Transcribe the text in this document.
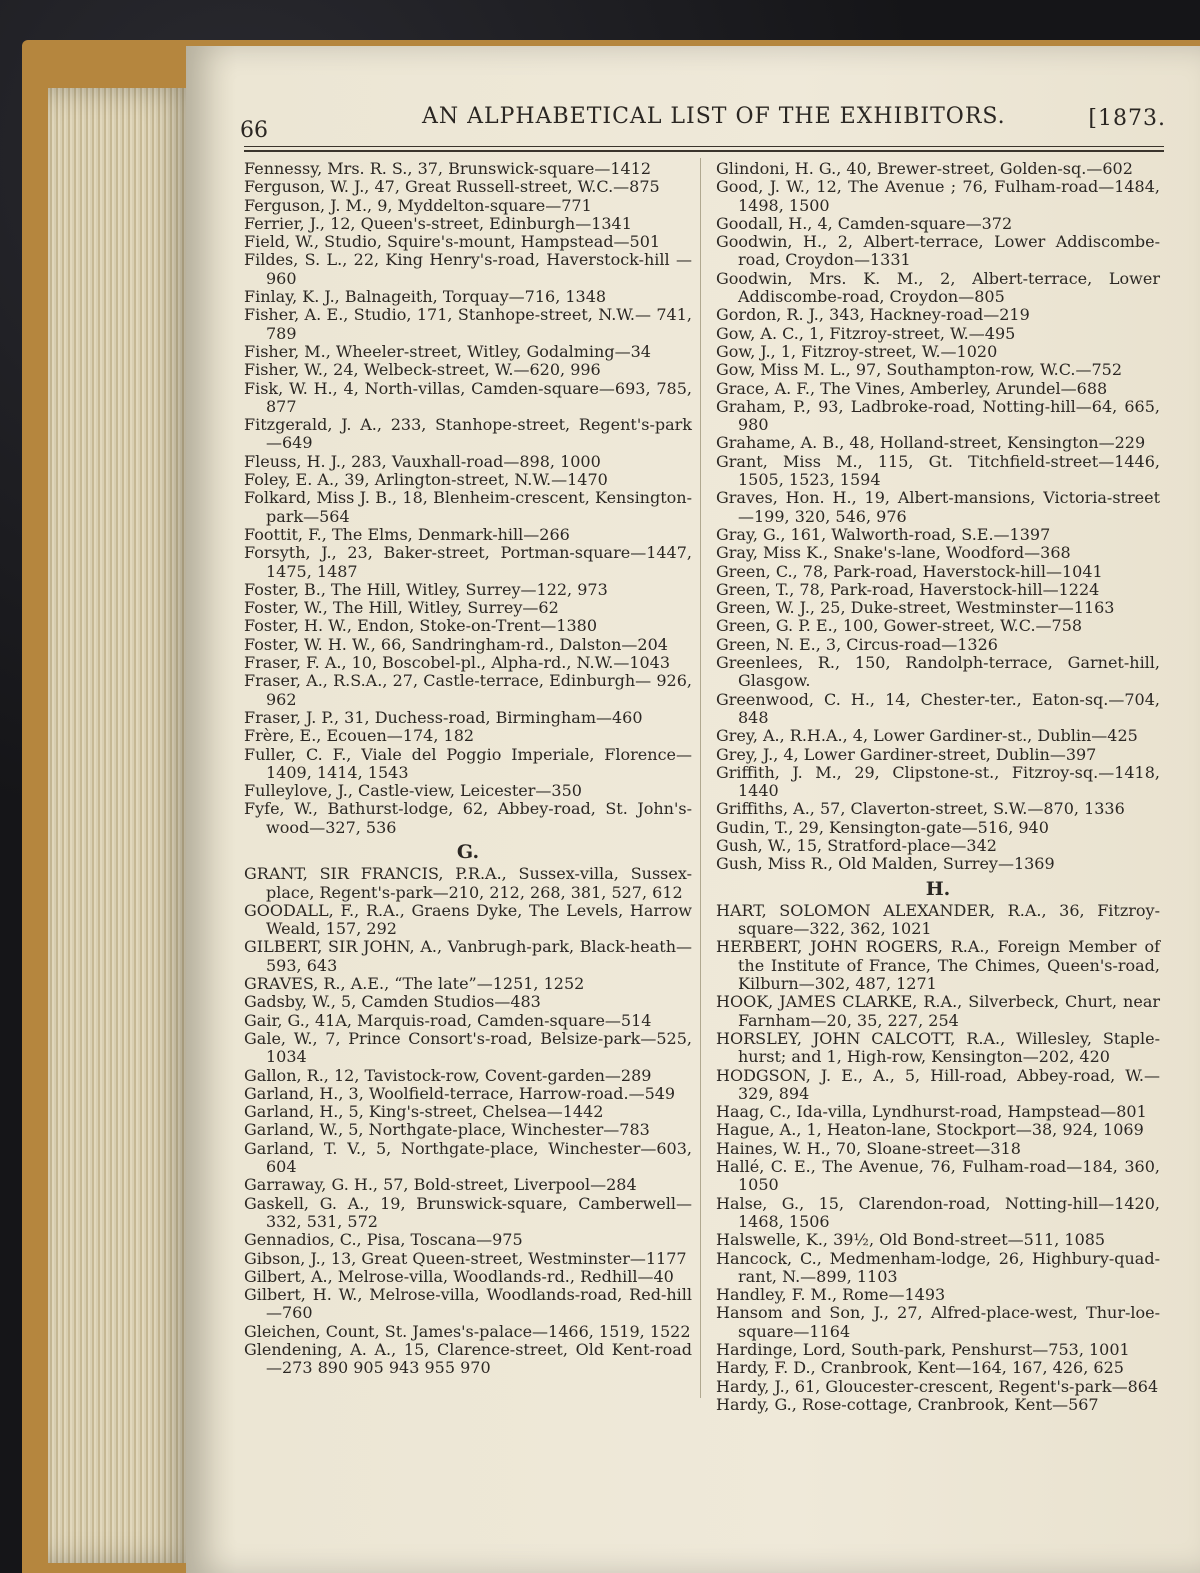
66
AN ALPHABETICAL LIST OF THE EXHIBITORS.	[1873.

Fennessy, Mrs. R. S., 37, Brunswick-square—1412

Ferguson, W. J., 47, Great Russell-street, W.C.—875

Ferguson, J. M., 9, Myddelton-square—771

Ferrier, J., 12, Queen's-street, Edinburgh—1341

Field, W., Studio, Squire's-mount, Hampstead—501

Fildes, S. L., 22, King Henry's-road, Haverstock-hill —960

Finlay, K. J., Balnageith, Torquay—716, 1348

Fisher, A. E., Studio, 171, Stanhope-street, N.W.— 741, 789

Fisher, M., Wheeler-street, Witley, Godalming—34

Fisher, W., 24, Welbeck-street, W.—620, 996

Fisk, W. H., 4, North-villas, Camden-square—693, 785, 877

Fitzgerald, J. A., 233, Stanhope-street, Regent's-park —649

Fleuss, H. J., 283, Vauxhall-road—898, 1000

Foley, E. A., 39, Arlington-street, N.W.—1470

Folkard, Miss J. B., 18, Blenheim-crescent, Kensington-park—564

Foottit, F., The Elms, Denmark-hill—266

Forsyth, J., 23, Baker-street, Portman-square—1447, 1475, 1487

Foster, B., The Hill, Witley, Surrey—122, 973

Foster, W., The Hill, Witley, Surrey—62

Foster, H. W., Endon, Stoke-on-Trent—1380

Foster, W. H. W., 66, Sandringham-rd., Dalston—204

Fraser, F. A., 10, Boscobel-pl., Alpha-rd., N.W.—1043

Fraser, A., R.S.A., 27, Castle-terrace, Edinburgh— 926, 962

Fraser, J. P., 31, Duchess-road, Birmingham—460

Frère, E., Ecouen—174, 182

Fuller, C. F., Viale del Poggio Imperiale, Florence— 1409, 1414, 1543

Fulleylove, J., Castle-view, Leicester—350

Fyfe, W., Bathurst-lodge, 62, Abbey-road, St. John's-wood—327, 536

G.

GRANT, SIR FRANCIS, P.R.A., Sussex-villa, Sussex-place, Regent's-park—210, 212, 268, 381, 527, 612

GOODALL, F., R.A., Graens Dyke, The Levels, Harrow Weald, 157, 292

GILBERT, SIR JOHN, A., Vanbrugh-park, Black-heath—593, 643

GRAVES, R., A.E., “The late”—1251, 1252

Gadsby, W., 5, Camden Studios—483

Gair, G., 41A, Marquis-road, Camden-square—514

Gale, W., 7, Prince Consort's-road, Belsize-park—525, 1034

Gallon, R., 12, Tavistock-row, Covent-garden—289

Garland, H., 3, Woolfield-terrace, Harrow-road.—549

Garland, H., 5, King's-street, Chelsea—1442

Garland, W., 5, Northgate-place, Winchester—783

Garland, T. V., 5, Northgate-place, Winchester—603, 604

Garraway, G. H., 57, Bold-street, Liverpool—284

Gaskell, G. A., 19, Brunswick-square, Camberwell— 332, 531, 572

Gennadios, C., Pisa, Toscana—975

Gibson, J., 13, Great Queen-street, Westminster—1177

Gilbert, A., Melrose-villa, Woodlands-rd., Redhill—40

Gilbert, H. W., Melrose-villa, Woodlands-road, Red-hill—760

Gleichen, Count, St. James's-palace—1466, 1519, 1522

Glendening, A. A., 15, Clarence-street, Old Kent-road—273 890 905 943 955 970

Glindoni, H. G., 40, Brewer-street, Golden-sq.—602

Good, J. W., 12, The Avenue ; 76, Fulham-road—1484, 1498, 1500

Goodall, H., 4, Camden-square—372

Goodwin, H., 2, Albert-terrace, Lower Addiscombe-road, Croydon—1331

Goodwin, Mrs. K. M., 2, Albert-terrace, Lower Addiscombe-road, Croydon—805

Gordon, R. J., 343, Hackney-road—219

Gow, A. C., 1, Fitzroy-street, W.—495

Gow, J., 1, Fitzroy-street, W.—1020

Gow, Miss M. L., 97, Southampton-row, W.C.—752

Grace, A. F., The Vines, Amberley, Arundel—688

Graham, P., 93, Ladbroke-road, Notting-hill—64, 665, 980

Grahame, A. B., 48, Holland-street, Kensington—229

Grant, Miss M., 115, Gt. Titchfield-street—1446, 1505, 1523, 1594

Graves, Hon. H., 19, Albert-mansions, Victoria-street—199, 320, 546, 976

Gray, G., 161, Walworth-road, S.E.—1397

Gray, Miss K., Snake's-lane, Woodford—368

Green, C., 78, Park-road, Haverstock-hill—1041

Green, T., 78, Park-road, Haverstock-hill—1224

Green, W. J., 25, Duke-street, Westminster—1163

Green, G. P. E., 100, Gower-street, W.C.—758

Green, N. E., 3, Circus-road—1326

Greenlees, R., 150, Randolph-terrace, Garnet-hill, Glasgow.

Greenwood, C. H., 14, Chester-ter., Eaton-sq.—704, 848

Grey, A., R.H.A., 4, Lower Gardiner-st., Dublin—425

Grey, J., 4, Lower Gardiner-street, Dublin—397

Griffith, J. M., 29, Clipstone-st., Fitzroy-sq.—1418, 1440

Griffiths, A., 57, Claverton-street, S.W.—870, 1336

Gudin, T., 29, Kensington-gate—516, 940

Gush, W., 15, Stratford-place—342

Gush, Miss R., Old Malden, Surrey—1369

H.

HART, SOLOMON ALEXANDER, R.A., 36, Fitzroy-square—322, 362, 1021

HERBERT, JOHN ROGERS, R.A., Foreign Member of the Institute of France, The Chimes, Queen's-road, Kilburn—302, 487, 1271

HOOK, JAMES CLARKE, R.A., Silverbeck, Churt, near Farnham—20, 35, 227, 254

HORSLEY, JOHN CALCOTT, R.A., Willesley, Staple-hurst; and 1, High-row, Kensington—202, 420

HODGSON, J. E., A., 5, Hill-road, Abbey-road, W.— 329, 894

Haag, C., Ida-villa, Lyndhurst-road, Hampstead—801

Hague, A., 1, Heaton-lane, Stockport—38, 924, 1069

Haines, W. H., 70, Sloane-street—318

Hallé, C. E., The Avenue, 76, Fulham-road—184, 360, 1050

Halse, G., 15, Clarendon-road, Notting-hill—1420, 1468, 1506

Halswelle, K., 39½, Old Bond-street—511, 1085

Hancock, C., Medmenham-lodge, 26, Highbury-quad-rant, N.—899, 1103

Handley, F. M., Rome—1493

Hansom and Son, J., 27, Alfred-place-west, Thur-loe-square—1164

Hardinge, Lord, South-park, Penshurst—753, 1001

Hardy, F. D., Cranbrook, Kent—164, 167, 426, 625

Hardy, J., 61, Gloucester-crescent, Regent's-park—864

Hardy, G., Rose-cottage, Cranbrook, Kent—567
